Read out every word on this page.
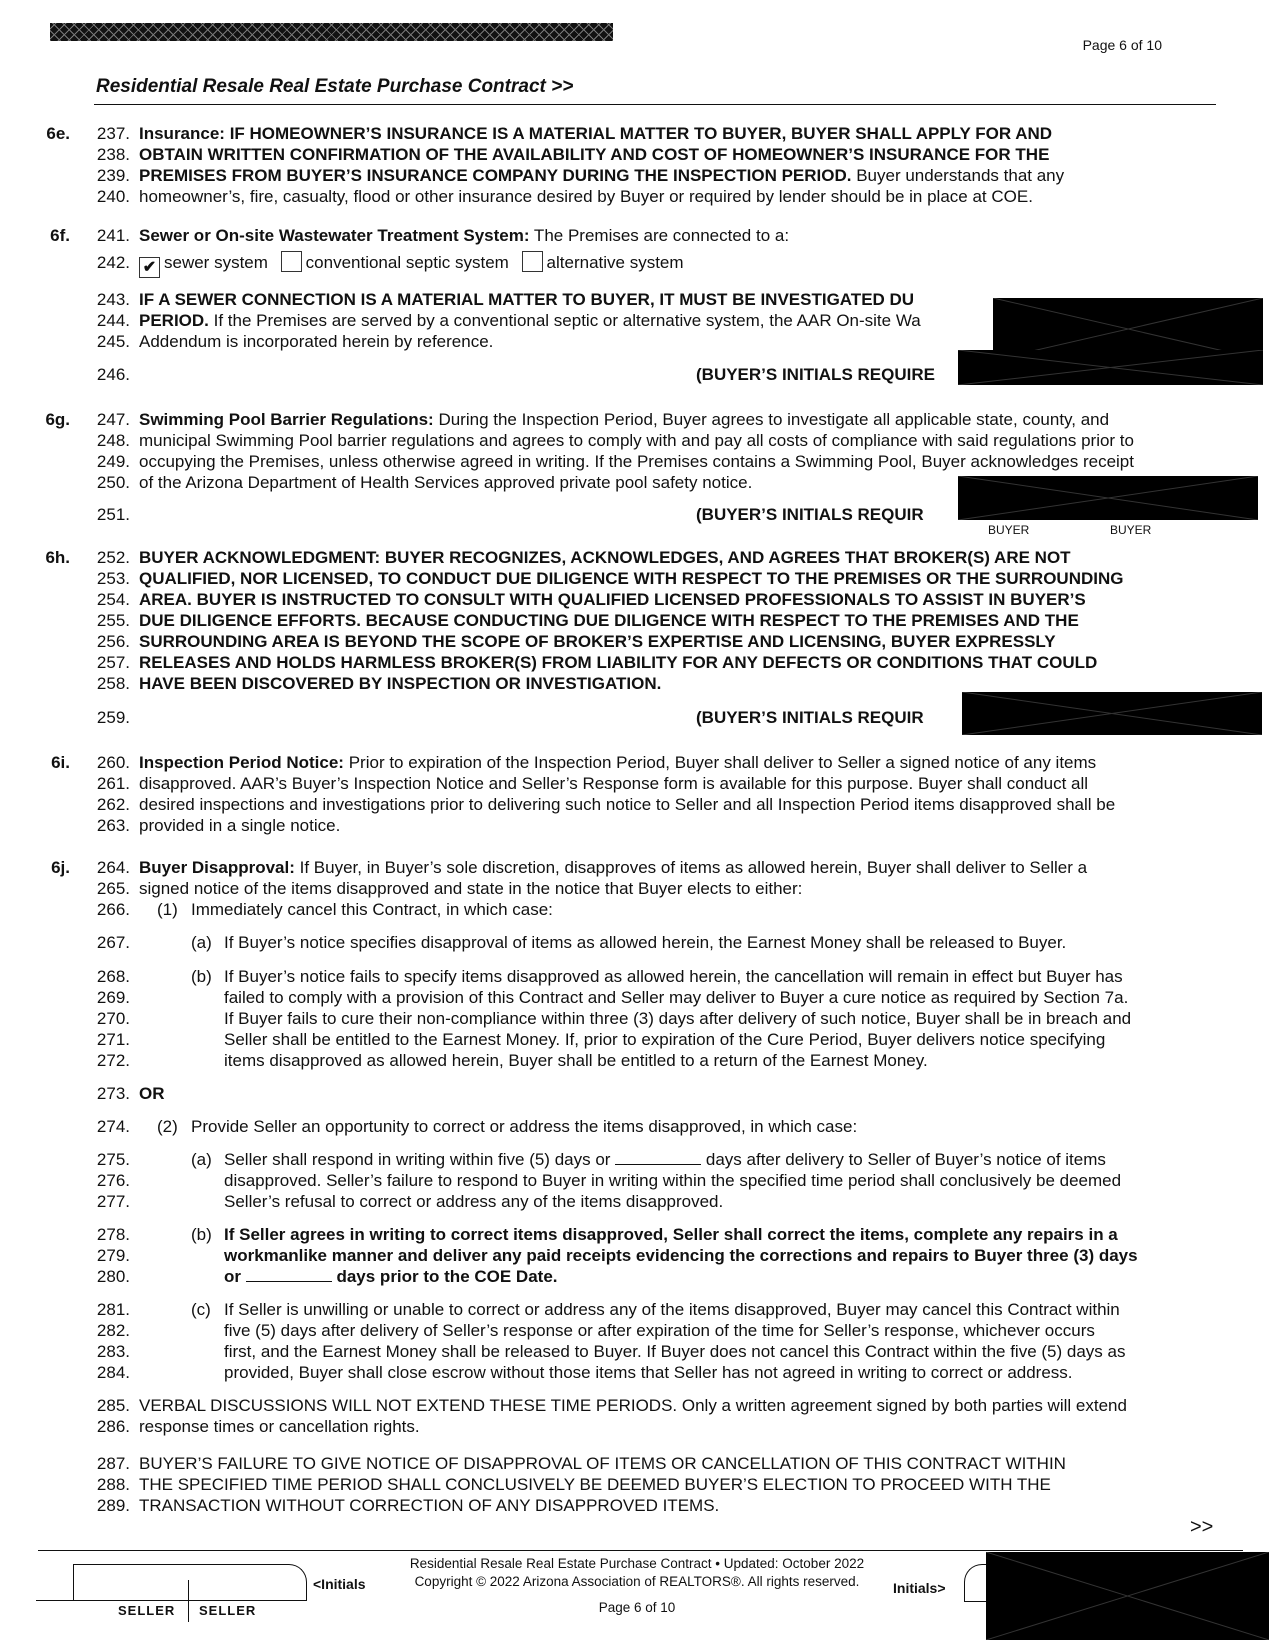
Page 6 of 10
Residential Resale Real Estate Purchase Contract >>
6e.	237. Insurance: IF HOMEOWNER’S INSURANCE IS A MATERIAL MATTER TO BUYER, BUYER SHALL APPLY FOR AND
238. OBTAIN WRITTEN CONFIRMATION OF THE AVAILABILITY AND COST OF HOMEOWNER’S INSURANCE FOR THE
239. PREMISES FROM BUYER’S INSURANCE COMPANY DURING THE INSPECTION PERIOD. Buyer understands that any
240. homeowner’s, fire, casualty, flood or other insurance desired by Buyer or required by lender should be in place at COE.
6f.	241. Sewer or On-site Wastewater Treatment System: The Premises are connected to a:
242. ✔ sewer system conventional septic system alternative system
243. IF A SEWER CONNECTION IS A MATERIAL MATTER TO BUYER, IT MUST BE INVESTIGATED DU
244. PERIOD. If the Premises are served by a conventional septic or alternative system, the AAR On-site Wa
245. Addendum is incorporated herein by reference.
246.	(BUYER’S INITIALS REQUIRE
6g.	247. Swimming Pool Barrier Regulations: During the Inspection Period, Buyer agrees to investigate all applicable state, county, and
248. municipal Swimming Pool barrier regulations and agrees to comply with and pay all costs of compliance with said regulations prior to
249. occupying the Premises, unless otherwise agreed in writing. If the Premises contains a Swimming Pool, Buyer acknowledges receipt
250. of the Arizona Department of Health Services approved private pool safety notice.
251.	(BUYER’S INITIALS REQUIR
BUYER	BUYER
6h.	252. BUYER ACKNOWLEDGMENT: BUYER RECOGNIZES, ACKNOWLEDGES, AND AGREES THAT BROKER(S) ARE NOT
253. QUALIFIED, NOR LICENSED, TO CONDUCT DUE DILIGENCE WITH RESPECT TO THE PREMISES OR THE SURROUNDING
254. AREA. BUYER IS INSTRUCTED TO CONSULT WITH QUALIFIED LICENSED PROFESSIONALS TO ASSIST IN BUYER’S
255. DUE DILIGENCE EFFORTS. BECAUSE CONDUCTING DUE DILIGENCE WITH RESPECT TO THE PREMISES AND THE
256. SURROUNDING AREA IS BEYOND THE SCOPE OF BROKER’S EXPERTISE AND LICENSING, BUYER EXPRESSLY
257. RELEASES AND HOLDS HARMLESS BROKER(S) FROM LIABILITY FOR ANY DEFECTS OR CONDITIONS THAT COULD
258. HAVE BEEN DISCOVERED BY INSPECTION OR INVESTIGATION.
259.	(BUYER’S INITIALS REQUIR
6i.	260. Inspection Period Notice: Prior to expiration of the Inspection Period, Buyer shall deliver to Seller a signed notice of any items
261. disapproved. AAR’s Buyer’s Inspection Notice and Seller’s Response form is available for this purpose. Buyer shall conduct all
262. desired inspections and investigations prior to delivering such notice to Seller and all Inspection Period items disapproved shall be
263. provided in a single notice.
6j.	264. Buyer Disapproval: If Buyer, in Buyer’s sole discretion, disapproves of items as allowed herein, Buyer shall deliver to Seller a
265. signed notice of the items disapproved and state in the notice that Buyer elects to either:
266. (1) Immediately cancel this Contract, in which case:
267.	(a) If Buyer’s notice specifies disapproval of items as allowed herein, the Earnest Money shall be released to Buyer.
268.	(b) If Buyer’s notice fails to specify items disapproved as allowed herein, the cancellation will remain in effect but Buyer has
269.	failed to comply with a provision of this Contract and Seller may deliver to Buyer a cure notice as required by Section 7a.
270.	If Buyer fails to cure their non-compliance within three (3) days after delivery of such notice, Buyer shall be in breach and
271.	Seller shall be entitled to the Earnest Money. If, prior to expiration of the Cure Period, Buyer delivers notice specifying
272.	items disapproved as allowed herein, Buyer shall be entitled to a return of the Earnest Money.
273. OR
274. (2) Provide Seller an opportunity to correct or address the items disapproved, in which case:
275.	(a) Seller shall respond in writing within five (5) days or	days after delivery to Seller of Buyer’s notice of items
276.	disapproved. Seller’s failure to respond to Buyer in writing within the specified time period shall conclusively be deemed
277.	Seller’s refusal to correct or address any of the items disapproved.
278.	(b) If Seller agrees in writing to correct items disapproved, Seller shall correct the items, complete any repairs in a
279.	workmanlike manner and deliver any paid receipts evidencing the corrections and repairs to Buyer three (3) days
280.	or	days prior to the COE Date.
281.	(c) If Seller is unwilling or unable to correct or address any of the items disapproved, Buyer may cancel this Contract within
282.	five (5) days after delivery of Seller’s response or after expiration of the time for Seller’s response, whichever occurs
283.	first, and the Earnest Money shall be released to Buyer. If Buyer does not cancel this Contract within the five (5) days as
284.	provided, Buyer shall close escrow without those items that Seller has not agreed in writing to correct or address.
285. VERBAL DISCUSSIONS WILL NOT EXTEND THESE TIME PERIODS. Only a written agreement signed by both parties will extend
286. response times or cancellation rights.
287. BUYER’S FAILURE TO GIVE NOTICE OF DISAPPROVAL OF ITEMS OR CANCELLATION OF THIS CONTRACT WITHIN
288. THE SPECIFIED TIME PERIOD SHALL CONCLUSIVELY BE DEEMED BUYER’S ELECTION TO PROCEED WITH THE
289. TRANSACTION WITHOUT CORRECTION OF ANY DISAPPROVED ITEMS.
>>
SELLER SELLER
<Initials
Residential Resale Real Estate Purchase Contract • Updated: October 2022
Copyright © 2022 Arizona Association of REALTORS®. All rights reserved.
Page 6 of 10
Initials>
